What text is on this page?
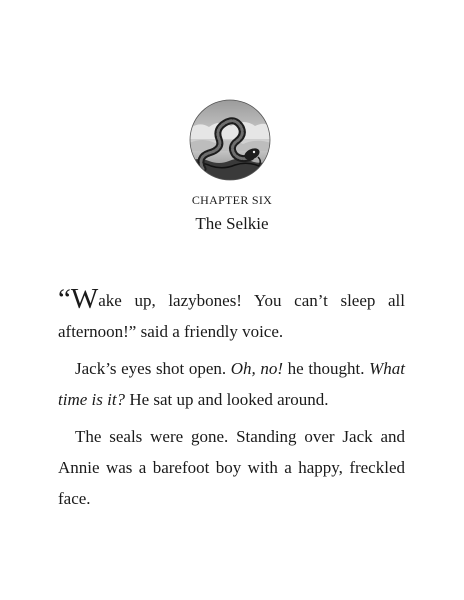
CHAPTER SIX
The Selkie

“Wake up, lazybones! You can’t sleep all afternoon!” said a friendly voice.

Jack’s eyes shot open. Oh, no! he thought. What time is it? He sat up and looked around.

The seals were gone. Standing over Jack and Annie was a barefoot boy with a happy, freckled face.
